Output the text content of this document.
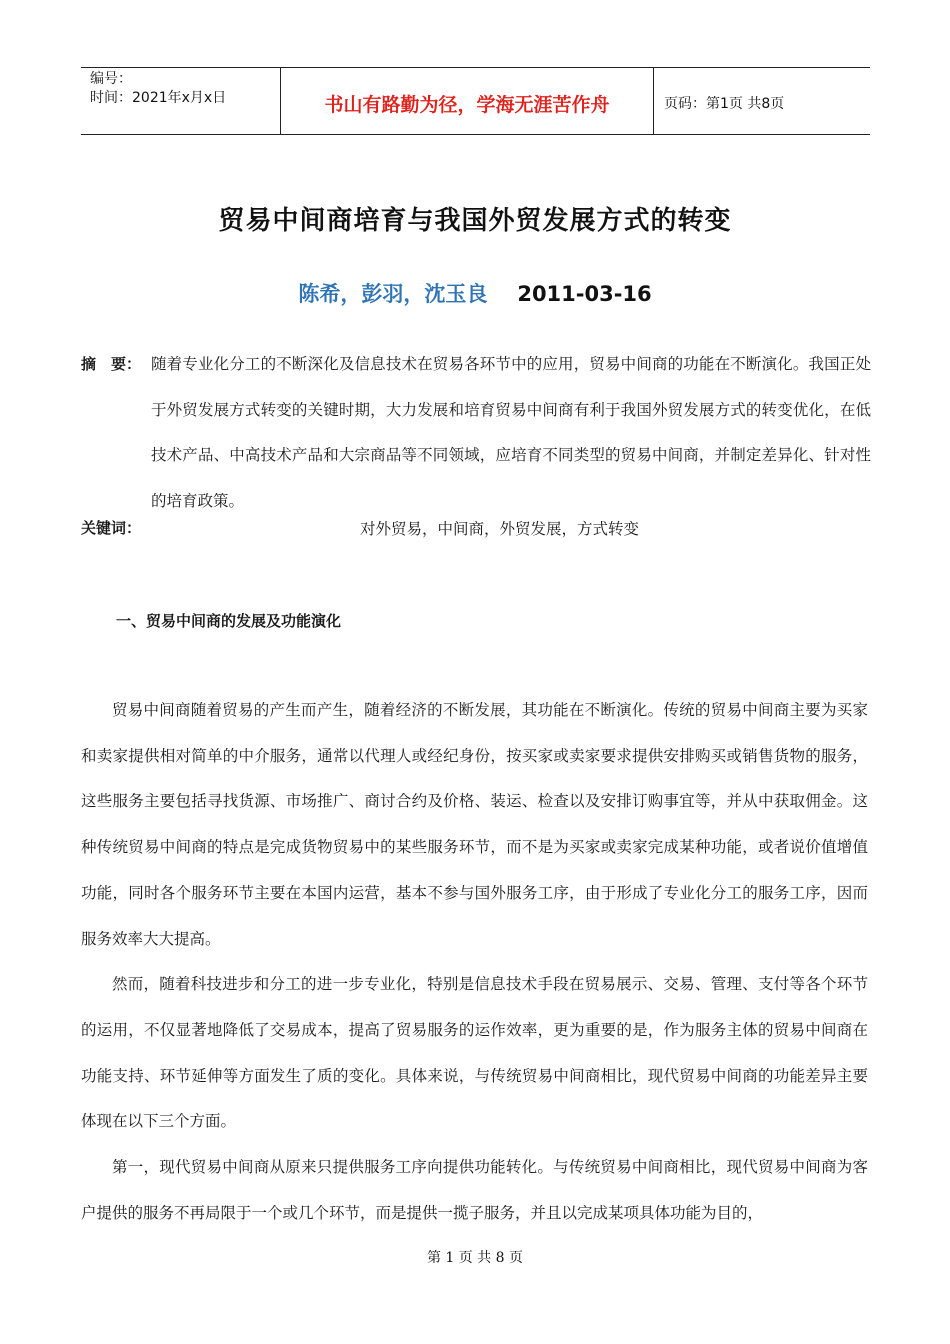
编号：
时间：2021年x月x日	书山有路勤为径，学海无涯苦作舟	页码：第1页 共8页
贸易中间商培育与我国外贸发展方式的转变
陈希，彭羽，沈玉良 2011-03-16
摘　要： 随着专业化分工的不断深化及信息技术在贸易各环节中的应用，贸易中间商的功能在不断演化。我国正处于外贸发展方式转变的关键时期，大力发展和培育贸易中间商有利于我国外贸发展方式的转变优化，在低技术产品、中高技术产品和大宗商品等不同领域，应培育不同类型的贸易中间商，并制定差异化、针对性的培育政策。
关键词：	对外贸易，中间商，外贸发展，方式转变
一、贸易中间商的发展及功能演化

贸易中间商随着贸易的产生而产生，随着经济的不断发展，其功能在不断演化。传统的贸易中间商主要为买家和卖家提供相对简单的中介服务，通常以代理人或经纪身份，按买家或卖家要求提供安排购买或销售货物的服务，这些服务主要包括寻找货源、市场推广、商讨合约及价格、装运、检查以及安排订购事宜等，并从中获取佣金。这种传统贸易中间商的特点是完成货物贸易中的某些服务环节，而不是为买家或卖家完成某种功能，或者说价值增值功能，同时各个服务环节主要在本国内运营，基本不参与国外服务工序，由于形成了专业化分工的服务工序，因而服务效率大大提高。

然而，随着科技进步和分工的进一步专业化，特别是信息技术手段在贸易展示、交易、管理、支付等各个环节的运用，不仅显著地降低了交易成本，提高了贸易服务的运作效率，更为重要的是，作为服务主体的贸易中间商在功能支持、环节延伸等方面发生了质的变化。具体来说，与传统贸易中间商相比，现代贸易中间商的功能差异主要体现在以下三个方面。

第一，现代贸易中间商从原来只提供服务工序向提供功能转化。与传统贸易中间商相比，现代贸易中间商为客户提供的服务不再局限于一个或几个环节，而是提供一揽子服务，并且以完成某项具体功能为目的，

第 1 页 共 8 页
